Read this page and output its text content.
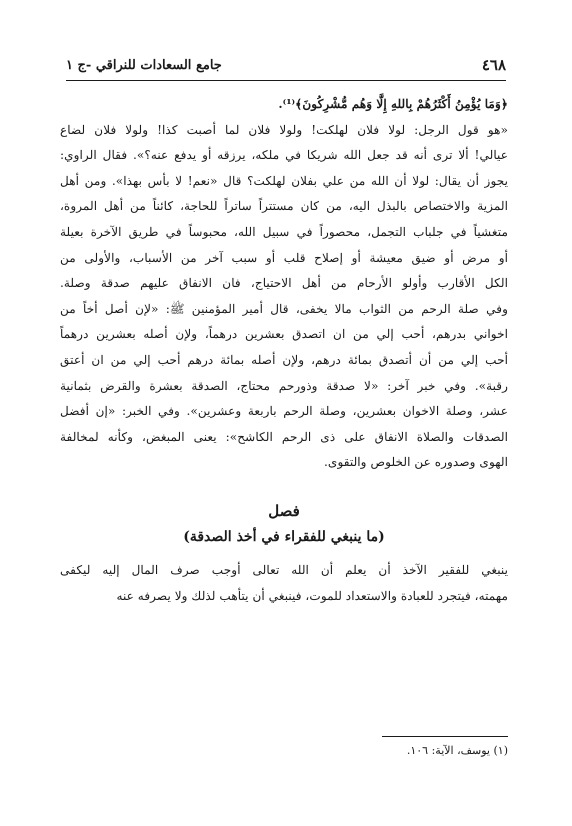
٤٦٨
جامع السعادات للنراقي -ج ١
﴿وَمَا يُؤْمِنُ أَكْثَرُهُمْ بِاللهِ إِلَّا وَهُم مُّشْرِكُونَ﴾⁽¹⁾.
«هو قول الرجل: لولا فلان لهلكت! ولولا فلان لما أصبت كذا! ولولا فلان لضاع
عيالي! ألا ترى أنه قد جعل الله شريكا في ملكه، يرزقه أو يدفع عنه؟». فقال الراوي:
يجوز أن يقال: لولا أن الله من علي بفلان لهلكت؟ قال «نعم! لا بأس بهذا». ومن أهل
المزية والاختصاص بالبذل اليه، من كان مستتراً ساتراً للحاجة، كائناً من أهل المروة،
متغشياً في جلباب التجمل، محصوراً في سبيل الله، محبوساً في طريق الآخرة بعيلة
أو مرض أو ضيق معيشة أو إصلاح قلب أو سبب آخر من الأسباب، والأولى من
الكل الأقارب وأولو الأرحام من أهل الاحتياج، فان الانفاق عليهم صدقة وصلة.
وفي صلة الرحم من الثواب مالا يخفى، قال أمير المؤمنين ﷺ: «لإن أصل أخاً من
اخواني بدرهم، أحب إلي من ان اتصدق بعشرين درهماً، ولإن أصله بعشرين درهماً
أحب إلي من أن أتصدق بمائة درهم، ولإن أصله بمائة درهم أحب إلي من ان أعتق
رقبة». وفي خبر آخر: «لا صدقة وذورحم محتاج، الصدقة بعشرة والقرض بثمانية
عشر، وصلة الاخوان بعشرين، وصلة الرحم باربعة وعشرين». وفي الخبر: «إن أفضل
الصدقات والصلاة الانفاق على ذى الرحم الكاشح»: يعنى المبغض، وكأنه لمخالفة
الهوى وصدوره عن الخلوص والتقوى.
فصل
(ما ينبغي للفقراء في أخذ الصدقة)
ينبغي للفقير الآخذ أن يعلم أن الله تعالى أوجب صرف المال إليه ليكفى
مهمته، فيتجرد للعبادة والاستعداد للموت، فينبغي أن يتأهب لذلك ولا يصرفه عنه
(١) يوسف، الآية: ١٠٦.
